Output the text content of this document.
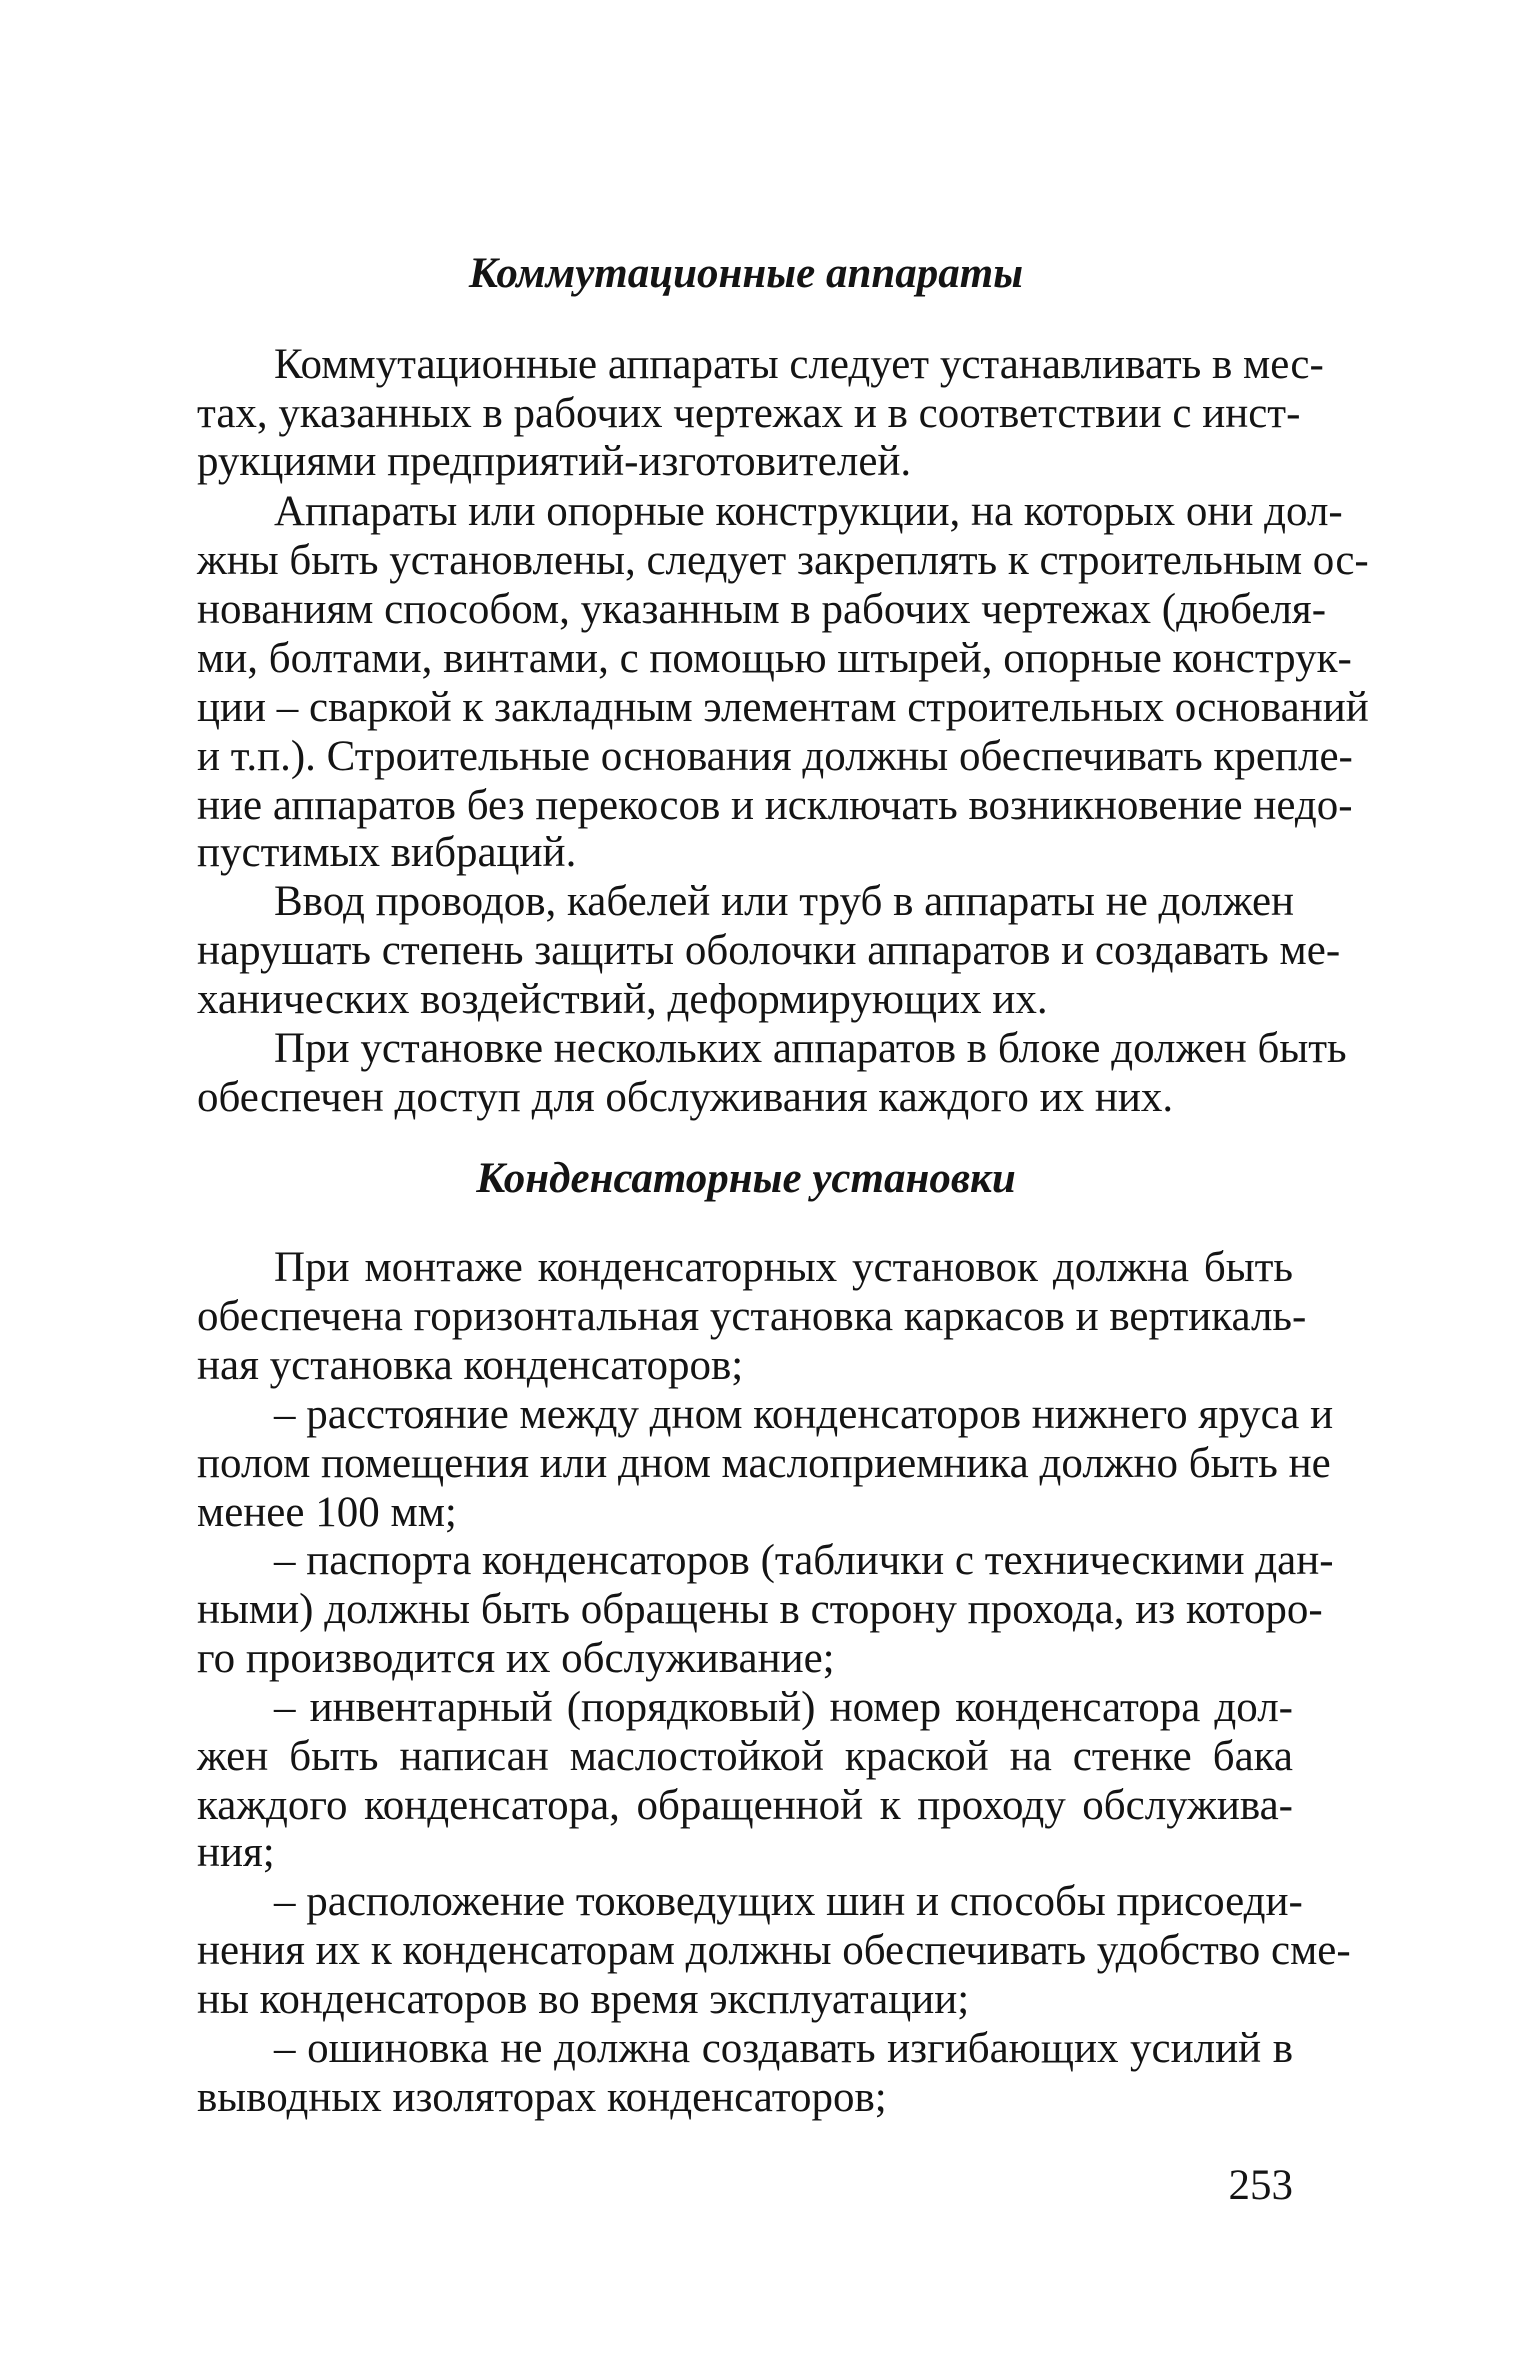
Коммутационные аппараты
Коммутационные аппараты следует устанавливать в мес-
тах, указанных в рабочих чертежах и в соответствии с инст-
рукциями предприятий-изготовителей.
Аппараты или опорные конструкции, на которых они дол-
жны быть установлены, следует закреплять к строительным ос-
нованиям способом, указанным в рабочих чертежах (дюбеля-
ми, болтами, винтами, с помощью штырей, опорные конструк-
ции – сваркой к закладным элементам строительных оснований
и т.п.). Строительные основания должны обеспечивать крепле-
ние аппаратов без перекосов и исключать возникновение недо-
пустимых вибраций.
Ввод проводов, кабелей или труб в аппараты не должен
нарушать степень защиты оболочки аппаратов и создавать ме-
ханических воздействий, деформирующих их.
При установке нескольких аппаратов в блоке должен быть
обеспечен доступ для обслуживания каждого их них.
Конденсаторные установки
При монтаже конденсаторных установок должна быть
обеспечена горизонтальная установка каркасов и вертикаль-
ная установка конденсаторов;
– расстояние между дном конденсаторов нижнего яруса и
полом помещения или дном маслоприемника должно быть не
менее 100 мм;
– паспорта конденсаторов (таблички с техническими дан-
ными) должны быть обращены в сторону прохода, из которо-
го производится их обслуживание;
– инвентарный (порядковый) номер конденсатора дол-
жен быть написан маслостойкой краской на стенке бака
каждого конденсатора, обращенной к проходу обслужива-
ния;
– расположение токоведущих шин и способы присоеди-
нения их к конденсаторам должны обеспечивать удобство сме-
ны конденсаторов во время эксплуатации;
– ошиновка не должна создавать изгибающих усилий в
выводных изоляторах конденсаторов;
253
